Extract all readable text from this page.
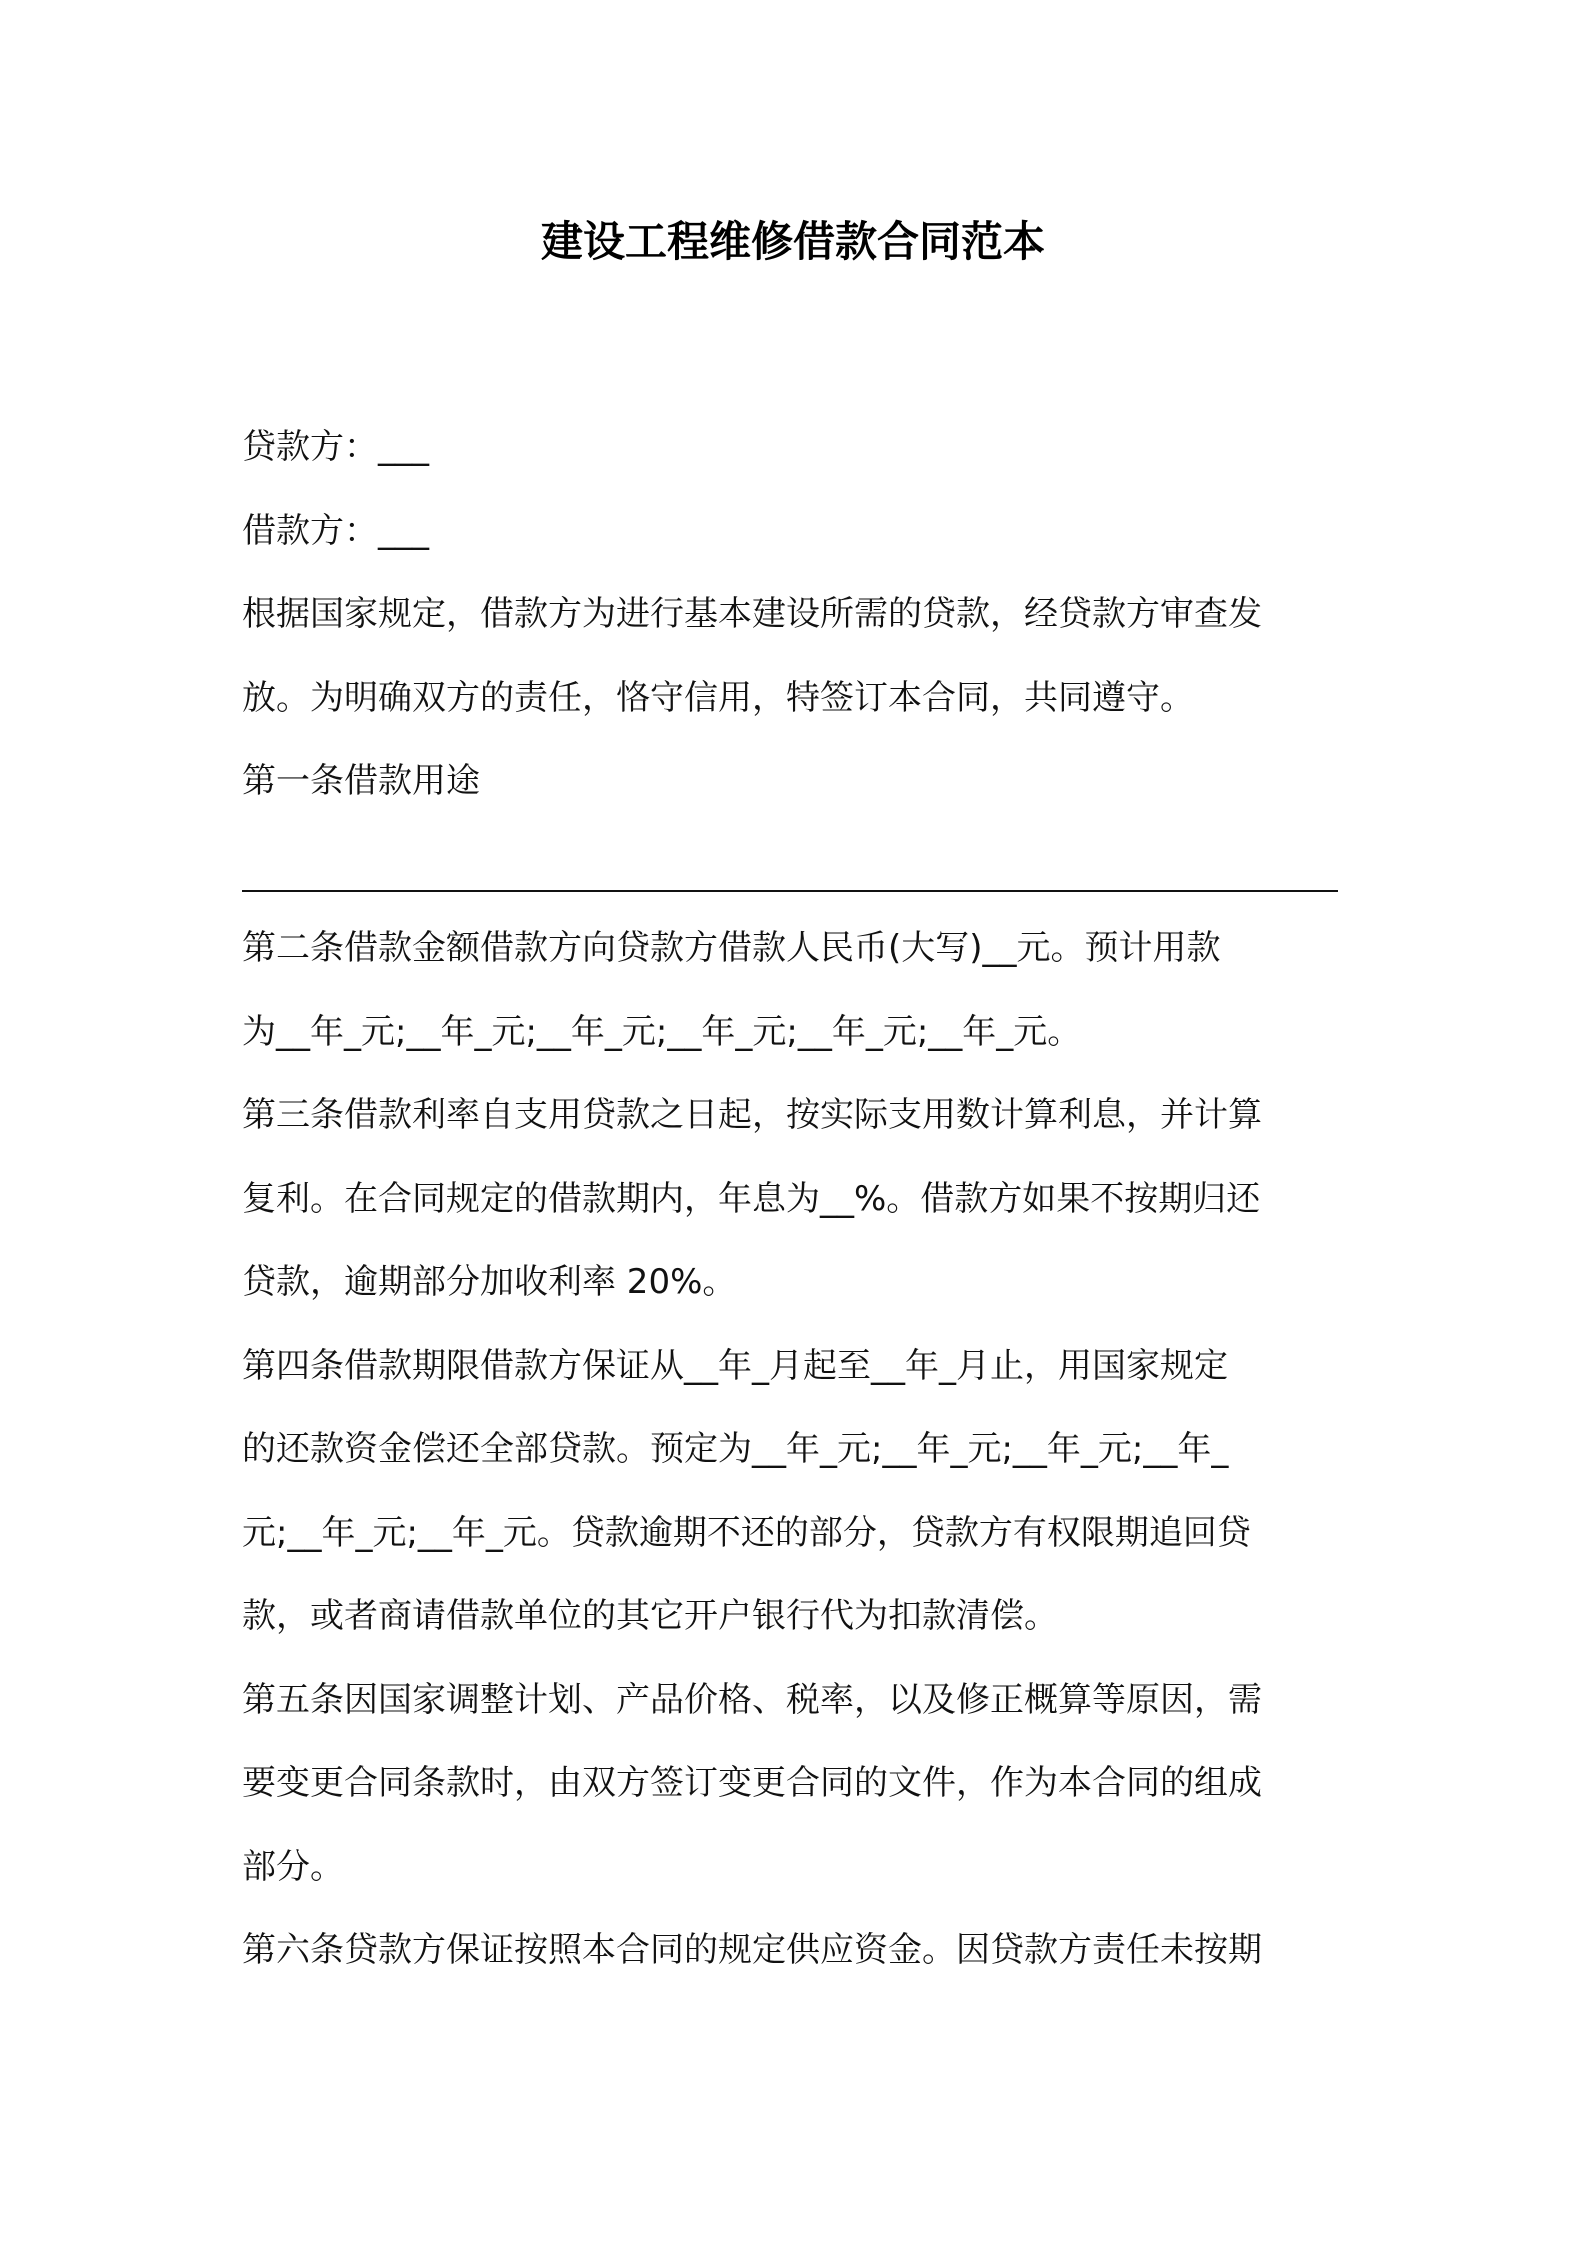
建设工程维修借款合同范本
贷款方：___
借款方：___
根据国家规定，借款方为进行基本建设所需的贷款，经贷款方审查发
放。为明确双方的责任，恪守信用，特签订本合同，共同遵守。
第一条借款用途
第二条借款金额借款方向贷款方借款人民币(大写)__元。预计用款
为__年_元;__年_元;__年_元;__年_元;__年_元;__年_元。
第三条借款利率自支用贷款之日起，按实际支用数计算利息，并计算
复利。在合同规定的借款期内，年息为__%。借款方如果不按期归还
贷款，逾期部分加收利率 20%。
第四条借款期限借款方保证从__年_月起至__年_月止，用国家规定
的还款资金偿还全部贷款。预定为__年_元;__年_元;__年_元;__年_
元;__年_元;__年_元。贷款逾期不还的部分，贷款方有权限期追回贷
款，或者商请借款单位的其它开户银行代为扣款清偿。
第五条因国家调整计划、产品价格、税率，以及修正概算等原因，需
要变更合同条款时，由双方签订变更合同的文件，作为本合同的组成
部分。
第六条贷款方保证按照本合同的规定供应资金。因贷款方责任未按期
